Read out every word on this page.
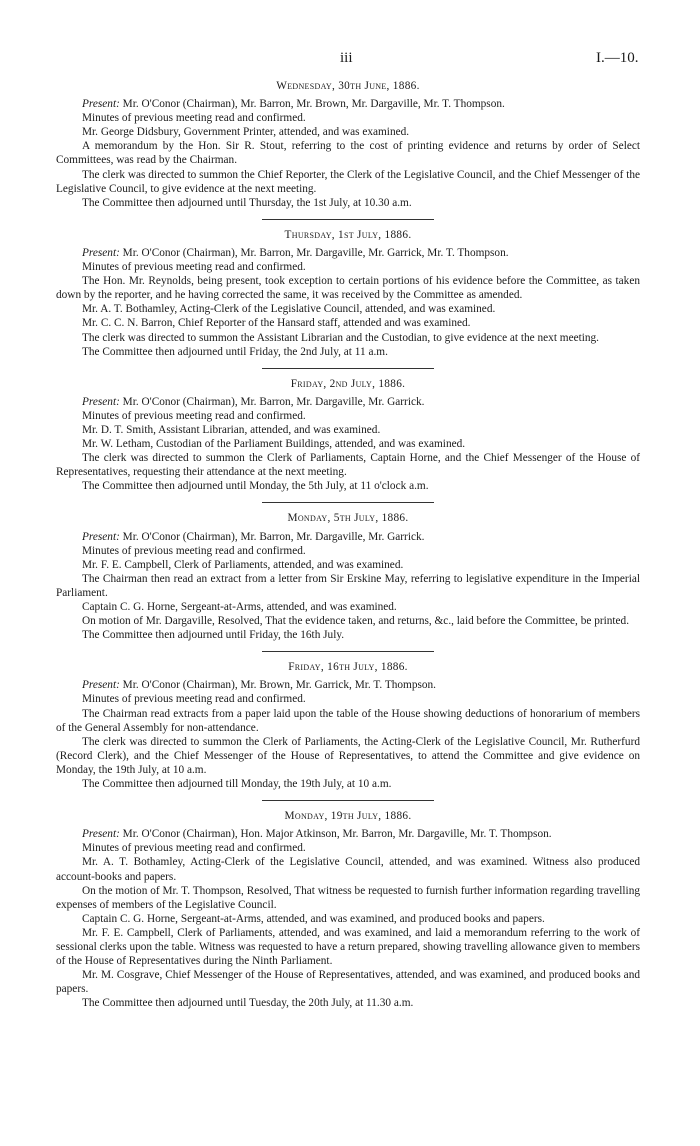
iii	I.—10.
Wednesday, 30th June, 1886.

Present: Mr. O'Conor (Chairman), Mr. Barron, Mr. Brown, Mr. Dargaville, Mr. T. Thompson.

Minutes of previous meeting read and confirmed.

Mr. George Didsbury, Government Printer, attended, and was examined.

A memorandum by the Hon. Sir R. Stout, referring to the cost of printing evidence and returns by order of Select Committees, was read by the Chairman.

The clerk was directed to summon the Chief Reporter, the Clerk of the Legislative Council, and the Chief Messenger of the Legislative Council, to give evidence at the next meeting.

The Committee then adjourned until Thursday, the 1st July, at 10.30 a.m.

Thursday, 1st July, 1886.

Present: Mr. O'Conor (Chairman), Mr. Barron, Mr. Dargaville, Mr. Garrick, Mr. T. Thompson.

Minutes of previous meeting read and confirmed.

The Hon. Mr. Reynolds, being present, took exception to certain portions of his evidence before the Committee, as taken down by the reporter, and he having corrected the same, it was received by the Committee as amended.

Mr. A. T. Bothamley, Acting-Clerk of the Legislative Council, attended, and was examined.

Mr. C. C. N. Barron, Chief Reporter of the Hansard staff, attended and was examined.

The clerk was directed to summon the Assistant Librarian and the Custodian, to give evidence at the next meeting.

The Committee then adjourned until Friday, the 2nd July, at 11 a.m.

Friday, 2nd July, 1886.

Present: Mr. O'Conor (Chairman), Mr. Barron, Mr. Dargaville, Mr. Garrick.

Minutes of previous meeting read and confirmed.

Mr. D. T. Smith, Assistant Librarian, attended, and was examined.

Mr. W. Letham, Custodian of the Parliament Buildings, attended, and was examined.

The clerk was directed to summon the Clerk of Parliaments, Captain Horne, and the Chief Messenger of the House of Representatives, requesting their attendance at the next meeting.

The Committee then adjourned until Monday, the 5th July, at 11 o'clock a.m.

Monday, 5th July, 1886.

Present: Mr. O'Conor (Chairman), Mr. Barron, Mr. Dargaville, Mr. Garrick.

Minutes of previous meeting read and confirmed.

Mr. F. E. Campbell, Clerk of Parliaments, attended, and was examined.

The Chairman then read an extract from a letter from Sir Erskine May, referring to legislative expenditure in the Imperial Parliament.

Captain C. G. Horne, Sergeant-at-Arms, attended, and was examined.

On motion of Mr. Dargaville, Resolved, That the evidence taken, and returns, &c., laid before the Committee, be printed.

The Committee then adjourned until Friday, the 16th July.

Friday, 16th July, 1886.

Present: Mr. O'Conor (Chairman), Mr. Brown, Mr. Garrick, Mr. T. Thompson.

Minutes of previous meeting read and confirmed.

The Chairman read extracts from a paper laid upon the table of the House showing deductions of honorarium of members of the General Assembly for non-attendance.

The clerk was directed to summon the Clerk of Parliaments, the Acting-Clerk of the Legislative Council, Mr. Rutherfurd (Record Clerk), and the Chief Messenger of the House of Representatives, to attend the Committee and give evidence on Monday, the 19th July, at 10 a.m.

The Committee then adjourned till Monday, the 19th July, at 10 a.m.

Monday, 19th July, 1886.

Present: Mr. O'Conor (Chairman), Hon. Major Atkinson, Mr. Barron, Mr. Dargaville, Mr. T. Thompson.

Minutes of previous meeting read and confirmed.

Mr. A. T. Bothamley, Acting-Clerk of the Legislative Council, attended, and was examined. Witness also produced account-books and papers.

On the motion of Mr. T. Thompson, Resolved, That witness be requested to furnish further information regarding travelling expenses of members of the Legislative Council.

Captain C. G. Horne, Sergeant-at-Arms, attended, and was examined, and produced books and papers.

Mr. F. E. Campbell, Clerk of Parliaments, attended, and was examined, and laid a memorandum referring to the work of sessional clerks upon the table. Witness was requested to have a return prepared, showing travelling allowance given to members of the House of Representatives during the Ninth Parliament.

Mr. M. Cosgrave, Chief Messenger of the House of Representatives, attended, and was examined, and produced books and papers.

The Committee then adjourned until Tuesday, the 20th July, at 11.30 a.m.
